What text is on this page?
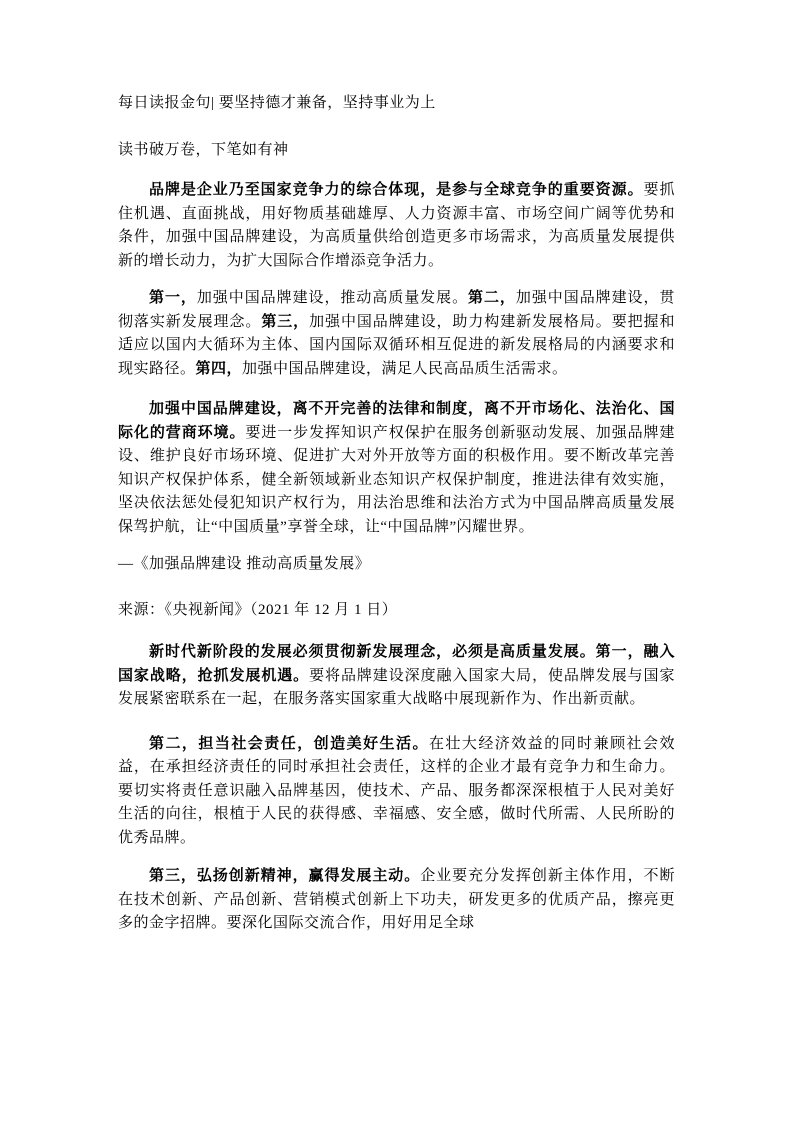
每日读报金句| 要坚持德才兼备，坚持事业为上

读书破万卷，下笔如有神

品牌是企业乃至国家竞争力的综合体现，是参与全球竞争的重要资源。要抓住机遇、直面挑战，用好物质基础雄厚、人力资源丰富、市场空间广阔等优势和条件，加强中国品牌建设，为高质量供给创造更多市场需求，为高质量发展提供新的增长动力，为扩大国际合作增添竞争活力。

第一，加强中国品牌建设，推动高质量发展。第二，加强中国品牌建设，贯彻落实新发展理念。第三，加强中国品牌建设，助力构建新发展格局。要把握和适应以国内大循环为主体、国内国际双循环相互促进的新发展格局的内涵要求和现实路径。第四，加强中国品牌建设，满足人民高品质生活需求。

加强中国品牌建设，离不开完善的法律和制度，离不开市场化、法治化、国际化的营商环境。要进一步发挥知识产权保护在服务创新驱动发展、加强品牌建设、维护良好市场环境、促进扩大对外开放等方面的积极作用。要不断改革完善知识产权保护体系，健全新领域新业态知识产权保护制度，推进法律有效实施，坚决依法惩处侵犯知识产权行为，用法治思维和法治方式为中国品牌高质量发展保驾护航，让“中国质量”享誉全球，让“中国品牌”闪耀世界。

—《加强品牌建设 推动高质量发展》

来源：《央视新闻》（2021 年 12 月 1 日）

新时代新阶段的发展必须贯彻新发展理念，必须是高质量发展。第一，融入国家战略，抢抓发展机遇。要将品牌建设深度融入国家大局，使品牌发展与国家发展紧密联系在一起，在服务落实国家重大战略中展现新作为、作出新贡献。

第二，担当社会责任，创造美好生活。在壮大经济效益的同时兼顾社会效益，在承担经济责任的同时承担社会责任，这样的企业才最有竞争力和生命力。要切实将责任意识融入品牌基因，使技术、产品、服务都深深根植于人民对美好生活的向往，根植于人民的获得感、幸福感、安全感，做时代所需、人民所盼的优秀品牌。

第三，弘扬创新精神，赢得发展主动。企业要充分发挥创新主体作用，不断在技术创新、产品创新、营销模式创新上下功夫，研发更多的优质产品，擦亮更多的金字招牌。要深化国际交流合作，用好用足全球
